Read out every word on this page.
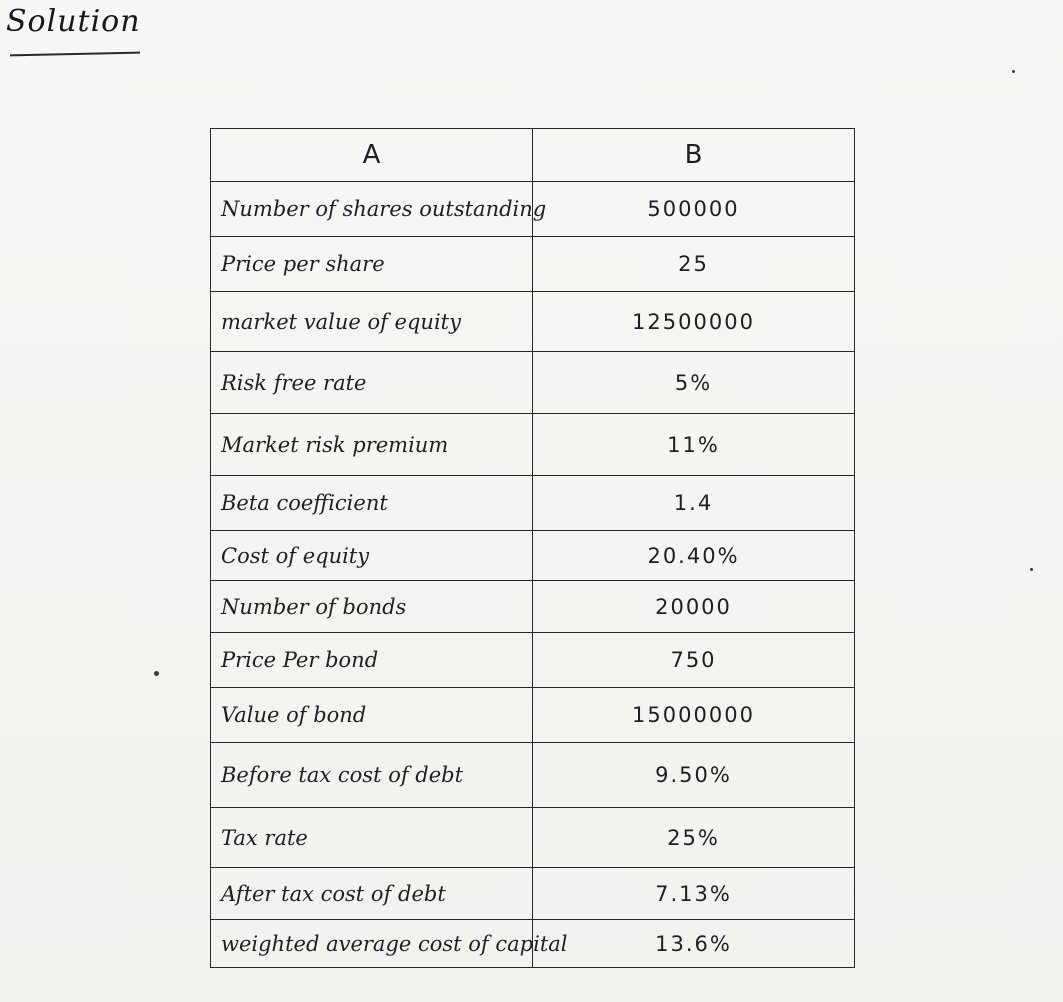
Solution
A	B
Number of shares outstanding	500000
Price per share	25
market value of equity	12500000
Risk free rate	5%
Market risk premium	11%
Beta coefficient	1.4
Cost of equity	20.40%
Number of bonds	20000
Price Per bond	750
Value of bond	15000000
Before tax cost of debt	9.50%
Tax rate	25%
After tax cost of debt	7.13%
weighted average cost of capital	13.6%
